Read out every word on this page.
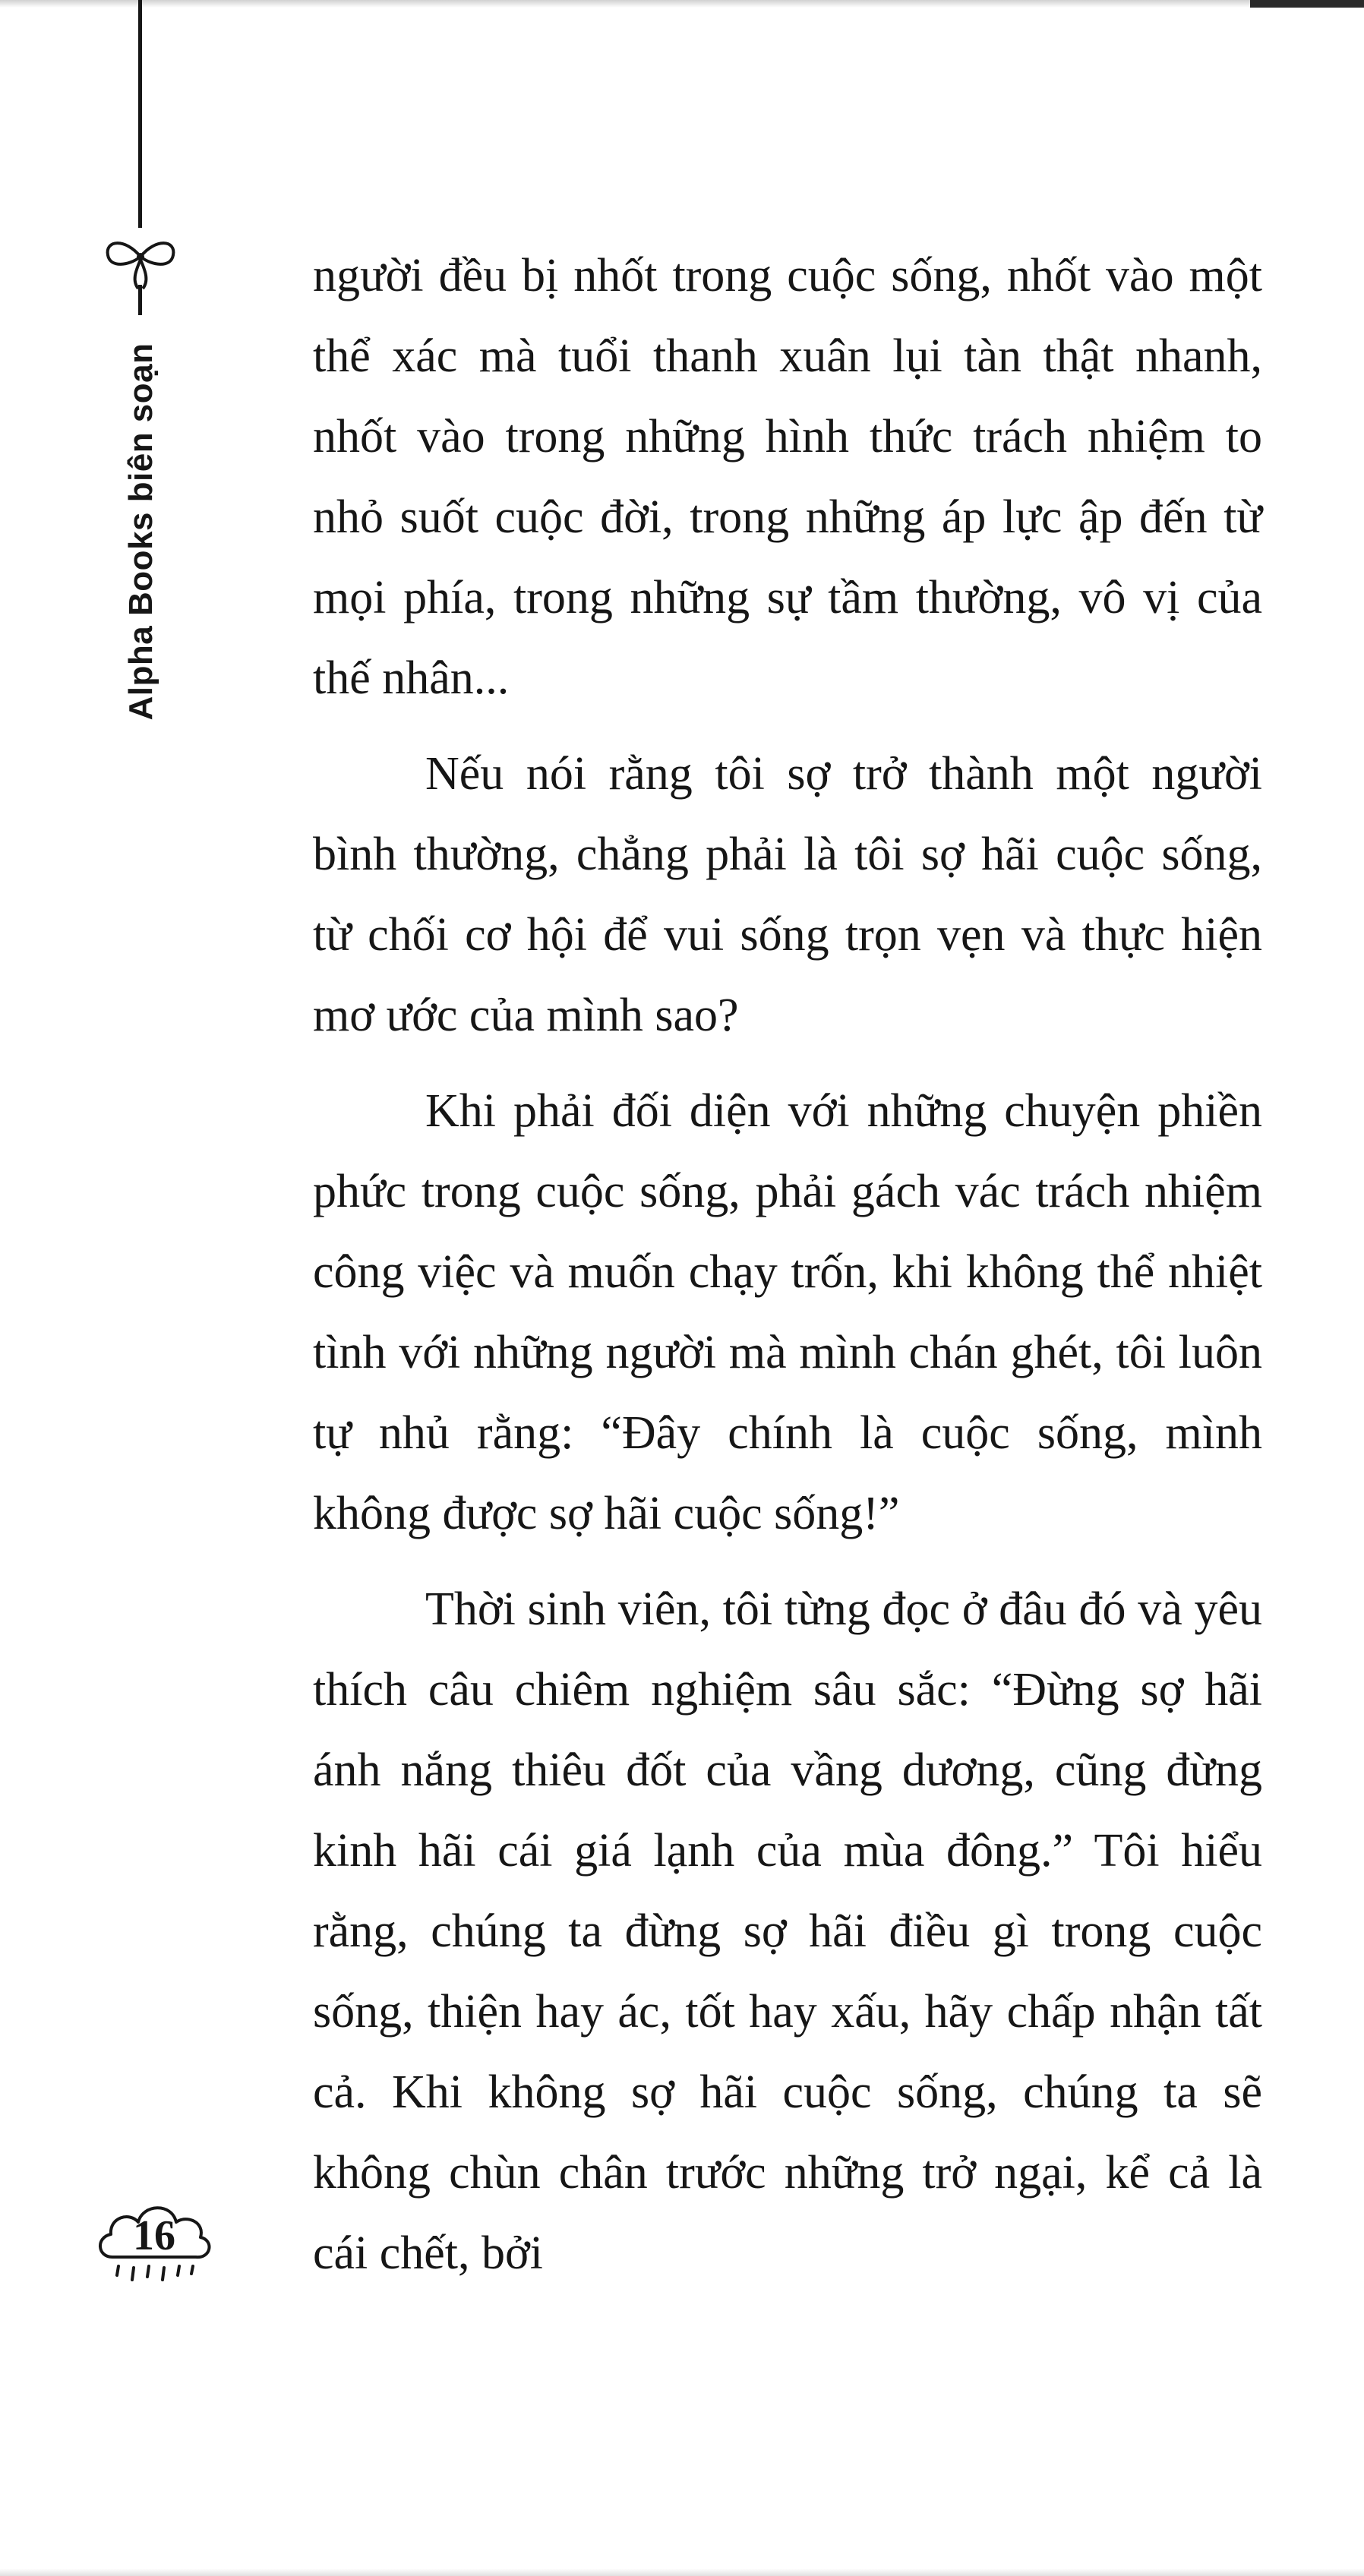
Alpha Books biên soạn

người đều bị nhốt trong cuộc sống, nhốt vào một thể xác mà tuổi thanh xuân lụi tàn thật nhanh, nhốt vào trong những hình thức trách nhiệm to nhỏ suốt cuộc đời, trong những áp lực ập đến từ mọi phía, trong những sự tầm thường, vô vị của thế nhân...

Nếu nói rằng tôi sợ trở thành một người bình thường, chẳng phải là tôi sợ hãi cuộc sống, từ chối cơ hội để vui sống trọn vẹn và thực hiện mơ ước của mình sao?

Khi phải đối diện với những chuyện phiền phức trong cuộc sống, phải gách vác trách nhiệm công việc và muốn chạy trốn, khi không thể nhiệt tình với những người mà mình chán ghét, tôi luôn tự nhủ rằng: “Đây chính là cuộc sống, mình không được sợ hãi cuộc sống!”

Thời sinh viên, tôi từng đọc ở đâu đó và yêu thích câu chiêm nghiệm sâu sắc: “Đừng sợ hãi ánh nắng thiêu đốt của vầng dương, cũng đừng kinh hãi cái giá lạnh của mùa đông.” Tôi hiểu rằng, chúng ta đừng sợ hãi điều gì trong cuộc sống, thiện hay ác, tốt hay xấu, hãy chấp nhận tất cả. Khi không sợ hãi cuộc sống, chúng ta sẽ không chùn chân trước những trở ngại, kể cả là cái chết, bởi

16
